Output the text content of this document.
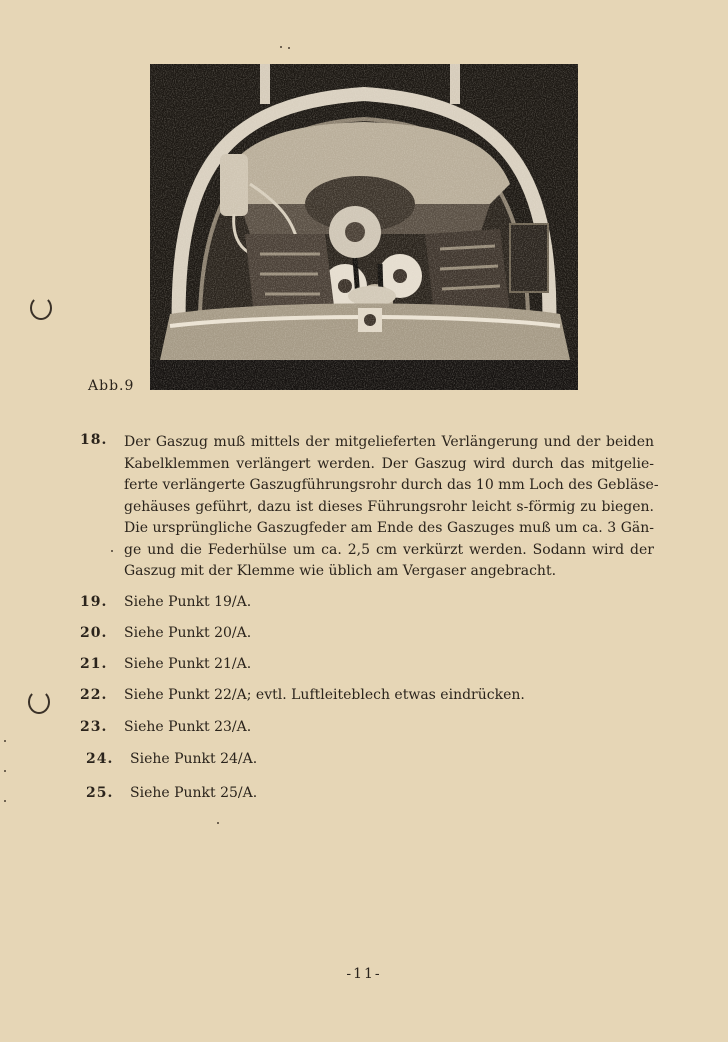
Abb.9
18. Der Gaszug muß mittels der mitgelieferten Verlängerung und der beiden
Kabelklemmen verlängert werden. Der Gaszug wird durch das mitgelie-
ferte verlängerte Gaszugführungsrohr durch das 10 mm Loch des Gebläse-
gehäuses geführt, dazu ist dieses Führungsrohr leicht s-förmig zu biegen.
Die ursprüngliche Gaszugfeder am Ende des Gaszuges muß um ca. 3 Gän-
ge und die Federhülse um ca. 2,5 cm verkürzt werden. Sodann wird der
Gaszug mit der Klemme wie üblich am Vergaser angebracht.
19. Siehe Punkt 19/A.
20. Siehe Punkt 20/A.
21. Siehe Punkt 21/A.
22. Siehe Punkt 22/A; evtl. Luftleiteblech etwas eindrücken.
23. Siehe Punkt 23/A.
24. Siehe Punkt 24/A.
25. Siehe Punkt 25/A.
-11-
